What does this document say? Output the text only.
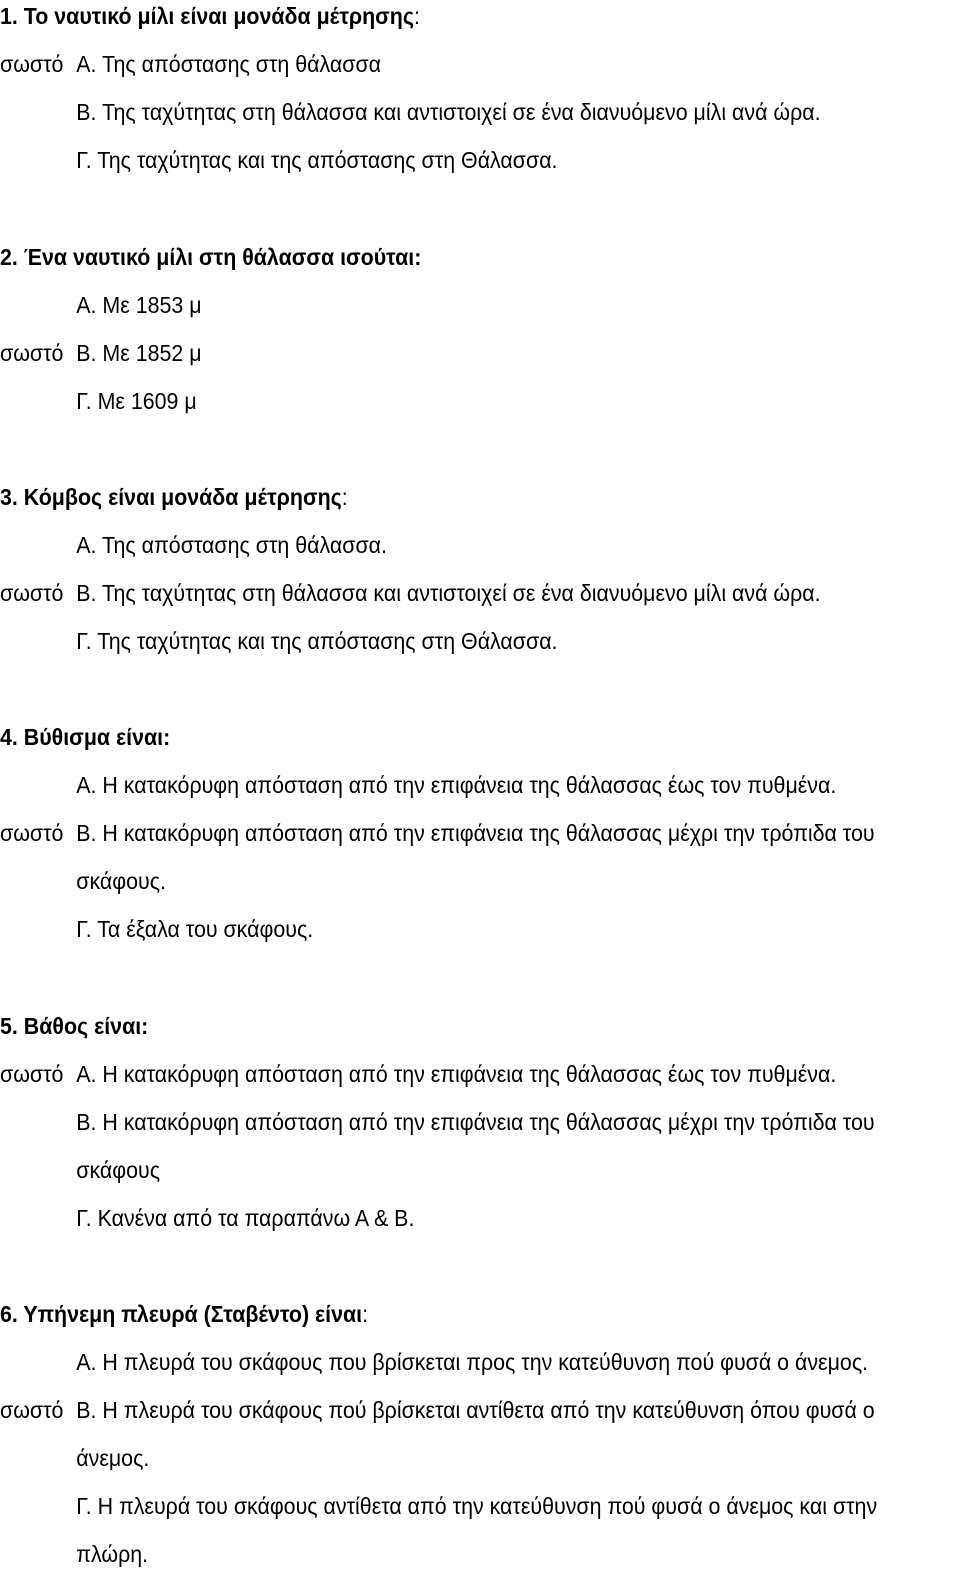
1. Το ναυτικό μίλι είναι μονάδα μέτρησης:
σωστό Α. Της απόστασης στη θάλασσα
Β. Της ταχύτητας στη θάλασσα και αντιστοιχεί σε ένα διανυόμενο μίλι ανά ώρα.
Γ. Της ταχύτητας και της απόστασης στη Θάλασσα.
2. Ένα ναυτικό μίλι στη θάλασσα ισούται:
Α. Με 1853 μ
σωστό Β. Με 1852 μ
Γ. Με 1609 μ
3. Κόμβος είναι μονάδα μέτρησης:
Α. Της απόστασης στη θάλασσα.
σωστό Β. Της ταχύτητας στη θάλασσα και αντιστοιχεί σε ένα διανυόμενο μίλι ανά ώρα.
Γ. Της ταχύτητας και της απόστασης στη Θάλασσα.
4. Βύθισμα είναι:
Α. Η κατακόρυφη απόσταση από την επιφάνεια της θάλασσας έως τον πυθμένα.
σωστό Β. Η κατακόρυφη απόσταση από την επιφάνεια της θάλασσας μέχρι την τρόπιδα του
σκάφους.
Γ. Τα έξαλα του σκάφους.
5. Βάθος είναι:
σωστό Α. Η κατακόρυφη απόσταση από την επιφάνεια της θάλασσας έως τον πυθμένα.
Β. Η κατακόρυφη απόσταση από την επιφάνεια της θάλασσας μέχρι την τρόπιδα του
σκάφους
Γ. Κανένα από τα παραπάνω Α & Β.
6. Υπήνεμη πλευρά (Σταβέντο) είναι:
Α. Η πλευρά του σκάφους που βρίσκεται προς την κατεύθυνση πού φυσά ο άνεμος.
σωστό Β. Η πλευρά του σκάφους πού βρίσκεται αντίθετα από την κατεύθυνση όπου φυσά ο
άνεμος.
Γ. Η πλευρά του σκάφους αντίθετα από την κατεύθυνση πού φυσά ο άνεμος και στην
πλώρη.
